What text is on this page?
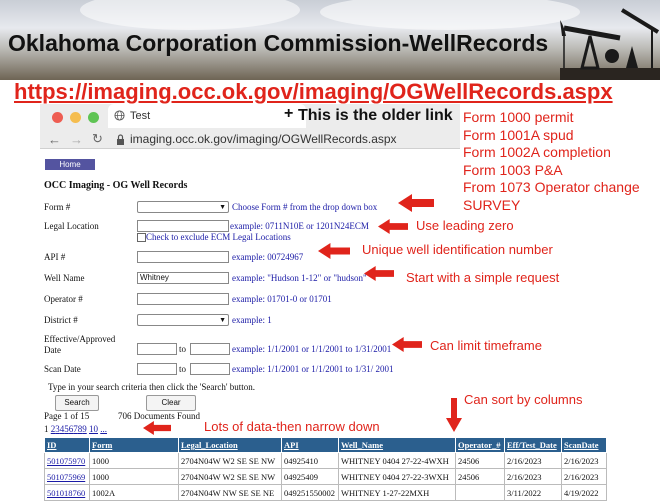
Oklahoma Corporation Commission-WellRecords
https://imaging.occ.ok.gov/imaging/OGWellRecords.aspx
Test
← → ↻ imaging.occ.ok.gov/imaging/OGWellRecords.aspx
+ This is the older link Form 1000 permit
Form 1001A spud
Form 1002A completion
Form 1003 P&A
From 1073 Operator change
SURVEY
Home
OCC Imaging - OG Well Records
Form #	▼ Choose Form # from the drop down box
Legal Location	example: 0711N10E or 1201N24ECM
Check to exclude ECM Legal Locations
API #	example: 00724967
Well Name	Whitney	example: "Hudson 1-12" or "hudson"
Operator #	example: 01701-0 or 01701
District #	▼ example: 1
Effective/Approved
Date	to	example: 1/1/2001 or 1/1/2001 to 1/31/2001
Scan Date	to	example: 1/1/2001 or 1/1/2001 to 1/31/ 2001
Type in your search criteria then click the 'Search' button.
Page 1 of 15	706 Documents Found
1 23456789 10 ...
Search	Clear
Use leading zero
Unique well identification number
Start with a simple request
Can limit timeframe
Can sort by columns
Lots of data-then narrow down
ID	Form	Legal_Location	API	Well_Name	Operator_#	Eff/Test_Date	ScanDate
501075970	1000	2704N04W W2 SE SE NW	04925410	WHITNEY 0404 27-22-4WXH	24506	2/16/2023	2/16/2023
501075969	1000	2704N04W W2 SE SE NW	04925409	WHITNEY 0404 27-22-3WXH	24506	2/16/2023	2/16/2023
501018760	1002A	2704N04W NW SE SE NE	049251550002	WHITNEY 1-27-22MXH		3/11/2022	4/19/2022
